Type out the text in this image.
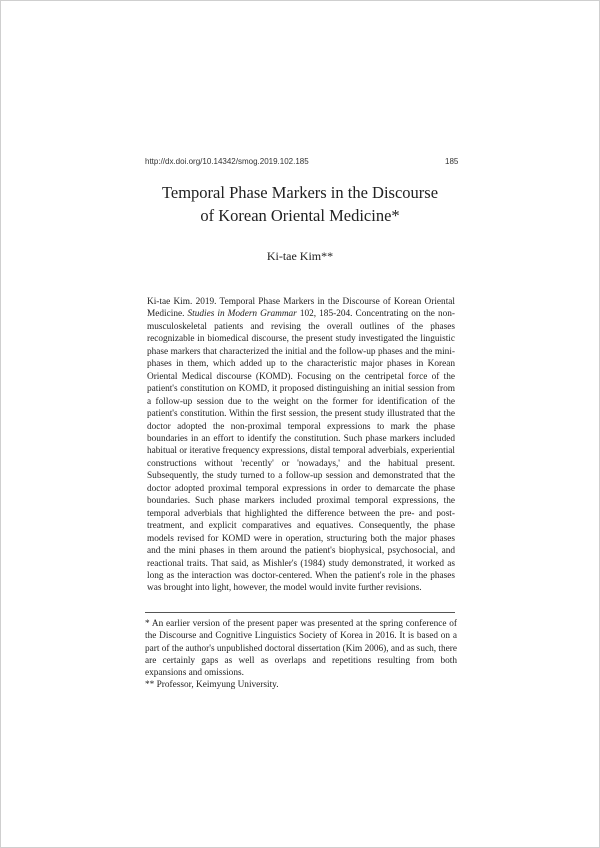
http://dx.doi.org/10.14342/smog.2019.102.185	185
Temporal Phase Markers in the Discourse
of Korean Oriental Medicine*
Ki-tae Kim**
Ki-tae Kim. 2019. Temporal Phase Markers in the Discourse of Korean Oriental Medicine. Studies in Modern Grammar 102, 185-204. Concentrating on the non-musculoskeletal patients and revising the overall outlines of the phases recognizable in biomedical discourse, the present study investigated the linguistic phase markers that characterized the initial and the follow-up phases and the mini-phases in them, which added up to the characteristic major phases in Korean Oriental Medical discourse (KOMD). Focusing on the centripetal force of the patient's constitution on KOMD, it proposed distinguishing an initial session from a follow-up session due to the weight on the former for identification of the patient's constitution. Within the first session, the present study illustrated that the doctor adopted the non-proximal temporal expressions to mark the phase boundaries in an effort to identify the constitution. Such phase markers included habitual or iterative frequency expressions, distal temporal adverbials, experiential constructions without 'recently' or 'nowadays,' and the habitual present. Subsequently, the study turned to a follow-up session and demonstrated that the doctor adopted proximal temporal expressions in order to demarcate the phase boundaries. Such phase markers included proximal temporal expressions, the temporal adverbials that highlighted the difference between the pre- and post-treatment, and explicit comparatives and equatives. Consequently, the phase models revised for KOMD were in operation, structuring both the major phases and the mini phases in them around the patient's biophysical, psychosocial, and reactional traits. That said, as Mishler's (1984) study demonstrated, it worked as long as the interaction was doctor-centered. When the patient's role in the phases was brought into light, however, the model would invite further revisions.

* An earlier version of the present paper was presented at the spring conference of the Discourse and Cognitive Linguistics Society of Korea in 2016. It is based on a part of the author's unpublished doctoral dissertation (Kim 2006), and as such, there are certainly gaps as well as overlaps and repetitions resulting from both expansions and omissions.

** Professor, Keimyung University.
